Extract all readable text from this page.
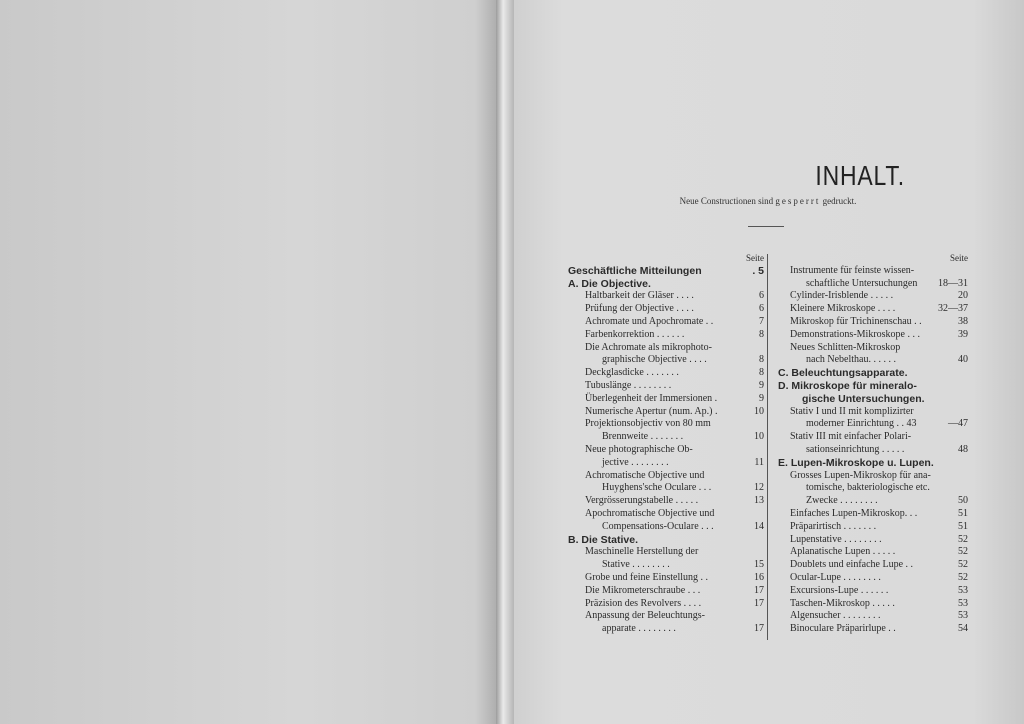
INHALT.
Neue Constructionen sind gesperrt gedruckt.
Seite
Geschäftliche Mitteilungen	. 5
A. Die Objective.
Haltbarkeit der Gläser . . . .	6
Prüfung der Objective . . . .	6
Achromate und Apochromate . .	7
Farbenkorrektion . . . . . .	8
Die Achromate als mikrophoto-
graphische Objective . . . .	8
Deckglasdicke . . . . . . .	8
Tubuslänge . . . . . . . .	9
Überlegenheit der Immersionen .	9
Numerische Apertur (num. Ap.) .	10
Projektionsobjectiv von 80 mm
Brennweite . . . . . . .	10
Neue photographische Ob-
jective . . . . . . . .	11
Achromatische Objective und
Huyghens'sche Oculare . . .	12
Vergrösserungstabelle . . . . .	13
Apochromatische Objective und
Compensations-Oculare . . .	14
B. Die Stative.
Maschinelle Herstellung der
Stative . . . . . . . .	15
Grobe und feine Einstellung . .	16
Die Mikrometerschraube . . .	17
Präzision des Revolvers . . . .	17
Anpassung der Beleuchtungs-
apparate . . . . . . . .	17
Seite
Instrumente für feinste wissen-
schaftliche Untersuchungen	18—31
Cylinder-Irisblende . . . . .	20
Kleinere Mikroskope . . . .	32—37
Mikroskop für Trichinenschau . .	38
Demonstrations-Mikroskope . . .	39
Neues Schlitten-Mikroskop
nach Nebelthau. . . . . .	40
C. Beleuchtungsapparate.
D. Mikroskope für mineralo-
gische Untersuchungen.
Stativ I und II mit komplizirter
moderner Einrichtung . . 43	—47
Stativ III mit einfacher Polari-
sationseinrichtung . . . . .	48
E. Lupen-Mikroskope u. Lupen.
Grosses Lupen-Mikroskop für ana-
tomische, bakteriologische etc.
Zwecke . . . . . . . .	50
Einfaches Lupen-Mikroskop. . .	51
Präparirtisch . . . . . . .	51
Lupenstative . . . . . . . .	52
Aplanatische Lupen . . . . .	52
Doublets und einfache Lupe . .	52
Ocular-Lupe . . . . . . . .	52
Excursions-Lupe . . . . . .	53
Taschen-Mikroskop . . . . .	53
Algensucher . . . . . . . .	53
Binoculare Präparirlupe . .	54
